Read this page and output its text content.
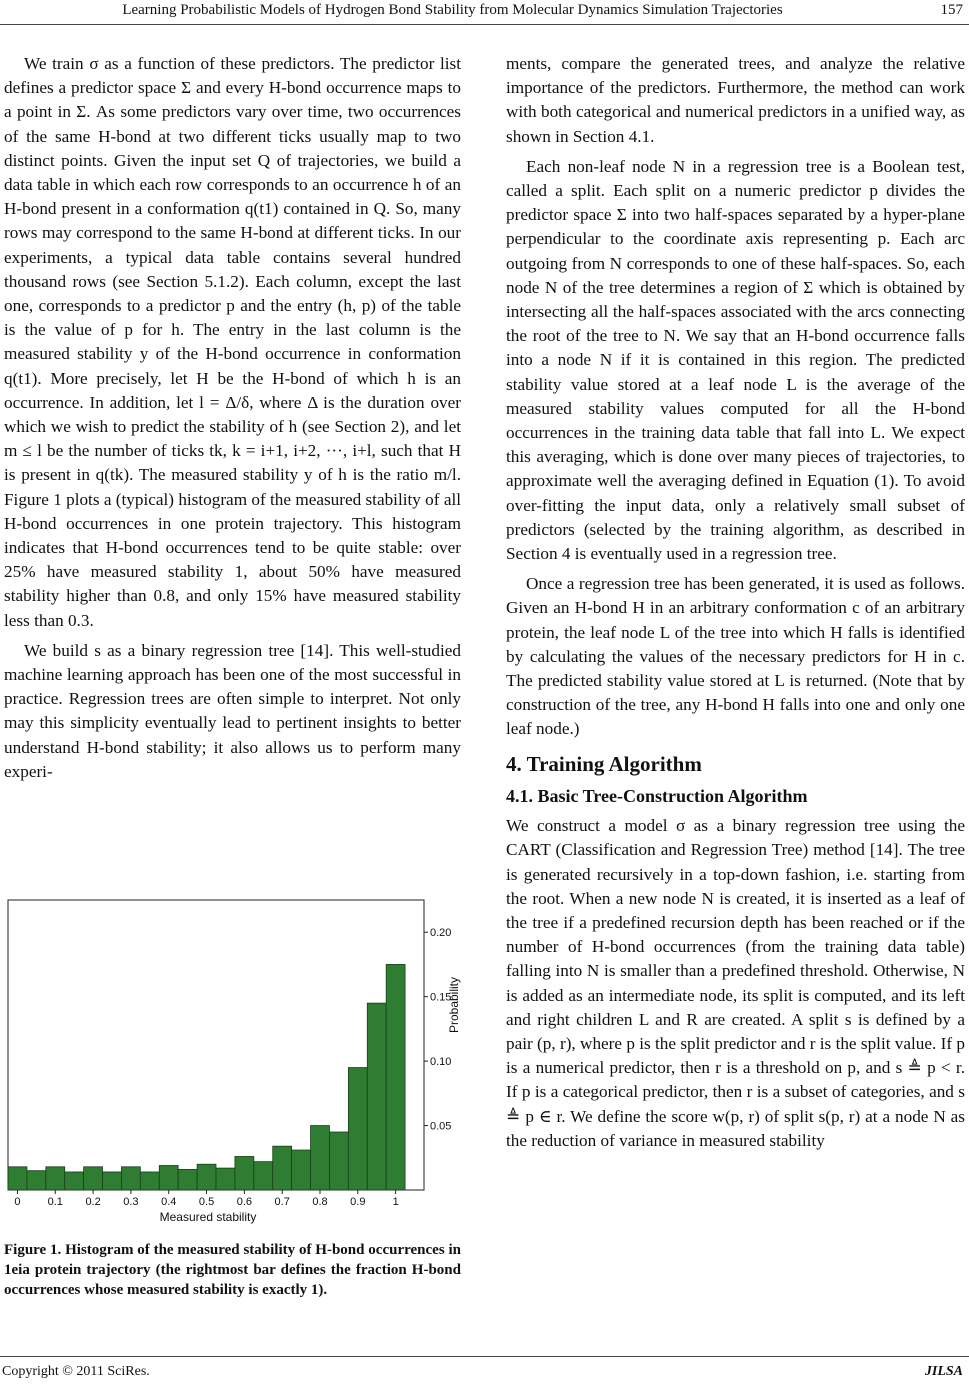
Learning Probabilistic Models of Hydrogen Bond Stability from Molecular Dynamics Simulation Trajectories	157

We train σ as a function of these predictors. The predictor list defines a predictor space Σ and every H-bond occurrence maps to a point in Σ. As some predictors vary over time, two occurrences of the same H-bond at two different ticks usually map to two distinct points. Given the input set Q of trajectories, we build a data table in which each row corresponds to an occurrence h of an H-bond present in a conformation q(t1) contained in Q. So, many rows may correspond to the same H-bond at different ticks. In our experiments, a typical data table contains several hundred thousand rows (see Section 5.1.2). Each column, except the last one, corresponds to a predictor p and the entry (h, p) of the table is the value of p for h. The entry in the last column is the measured stability y of the H-bond occurrence in conformation q(t1). More precisely, let H be the H-bond of which h is an occurrence. In addition, let l = Δ/δ, where Δ is the duration over which we wish to predict the stability of h (see Section 2), and let m ≤ l be the number of ticks tk, k = i+1, i+2, ···, i+l, such that H is present in q(tk). The measured stability y of h is the ratio m/l. Figure 1 plots a (typical) histogram of the measured stability of all H-bond occurrences in one protein trajectory. This histogram indicates that H-bond occurrences tend to be quite stable: over 25% have measured stability 1, about 50% have measured stability higher than 0.8, and only 15% have measured stability less than 0.3.

We build s as a binary regression tree [14]. This well-studied machine learning approach has been one of the most successful in practice. Regression trees are often simple to interpret. Not only may this simplicity eventually lead to pertinent insights to better understand H-bond stability; it also allows us to perform many experi-

0 0.1 0.2 0.3 0.4 0.5 0.6 0.7 0.8 0.9 1
0.05
0.10
0.15
0.20
Measured stability
Probability
Figure 1. Histogram of the measured stability of H-bond occurrences in 1eia protein trajectory (the rightmost bar defines the fraction H-bond occurrences whose measured stability is exactly 1).

ments, compare the generated trees, and analyze the relative importance of the predictors. Furthermore, the method can work with both categorical and numerical predictors in a unified way, as shown in Section 4.1.

Each non-leaf node N in a regression tree is a Boolean test, called a split. Each split on a numeric predictor p divides the predictor space Σ into two half-spaces separated by a hyper-plane perpendicular to the coordinate axis representing p. Each arc outgoing from N corresponds to one of these half-spaces. So, each node N of the tree determines a region of Σ which is obtained by intersecting all the half-spaces associated with the arcs connecting the root of the tree to N. We say that an H-bond occurrence falls into a node N if it is contained in this region. The predicted stability value stored at a leaf node L is the average of the measured stability values computed for all the H-bond occurrences in the training data table that fall into L. We expect this averaging, which is done over many pieces of trajectories, to approximate well the averaging defined in Equation (1). To avoid over-fitting the input data, only a relatively small subset of predictors (selected by the training algorithm, as described in Section 4 is eventually used in a regression tree.

Once a regression tree has been generated, it is used as follows. Given an H-bond H in an arbitrary conformation c of an arbitrary protein, the leaf node L of the tree into which H falls is identified by calculating the values of the necessary predictors for H in c. The predicted stability value stored at L is returned. (Note that by construction of the tree, any H-bond H falls into one and only one leaf node.)

4. Training Algorithm
4.1. Basic Tree-Construction Algorithm

We construct a model σ as a binary regression tree using the CART (Classification and Regression Tree) method [14]. The tree is generated recursively in a top-down fashion, i.e. starting from the root. When a new node N is created, it is inserted as a leaf of the tree if a predefined recursion depth has been reached or if the number of H-bond occurrences (from the training data table) falling into N is smaller than a predefined threshold. Otherwise, N is added as an intermediate node, its split is computed, and its left and right children L and R are created. A split s is defined by a pair (p, r), where p is the split predictor and r is the split value. If p is a numerical predictor, then r is a threshold on p, and s ≜ p < r. If p is a categorical predictor, then r is a subset of categories, and s ≜ p ∈ r. We define the score w(p, r) of split s(p, r) at a node N as the reduction of variance in measured stability

Copyright © 2011 SciRes.	JILSA
